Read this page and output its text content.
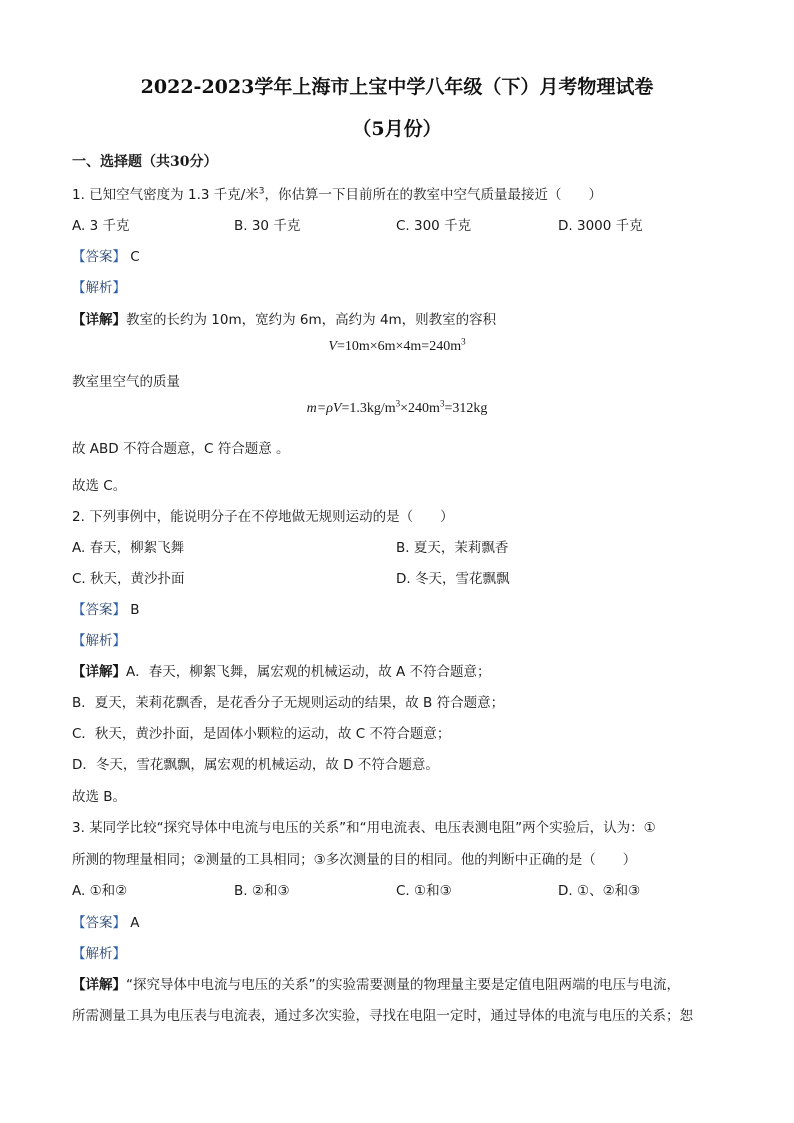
2022-2023学年上海市上宝中学八年级（下）月考物理试卷
（5月份）
一、选择题（共30分）
1. 已知空气密度为 1.3 千克/米$^3$，你估算一下目前所在的教室中空气质量最接近（　　）
A. 3 千克	B. 30 千克	C. 300 千克	D. 3000 千克
【答案】 C
【解析】
【详解】教室的长约为 10m，宽约为 6m，高约为 4m，则教室的容积
$V=10m\times 6m\times 4m=240m^3$
教室里空气的质量
$m=\rho V=1.3kg/m^3\times 240m^3=312kg$
故 ABD 不符合题意，C 符合题意 。
故选 C。
2. 下列事例中，能说明分子在不停地做无规则运动的是（　　）
A. 春天，柳絮飞舞	B. 夏天，茉莉飘香
C. 秋天，黄沙扑面	D. 冬天，雪花飘飘
【答案】 B
【解析】
【详解】A．春天，柳絮飞舞，属宏观的机械运动，故 A 不符合题意；
B．夏天，茉莉花飘香，是花香分子无规则运动的结果，故 B 符合题意；
C．秋天，黄沙扑面，是固体小颗粒的运动，故 C 不符合题意；
D．冬天，雪花飘飘，属宏观的机械运动，故 D 不符合题意。
故选 B。
3. 某同学比较“探究导体中电流与电压的关系”和“用电流表、电压表测电阻”两个实验后，认为：①
所测的物理量相同；②测量的工具相同；③多次测量的目的相同。他的判断中正确的是（　　）
A. ①和②	B. ②和③	C. ①和③	D. ①、②和③
【答案】 A
【解析】
【详解】“探究导体中电流与电压的关系”的实验需要测量的物理量主要是定值电阻两端的电压与电流，
所需测量工具为电压表与电流表，通过多次实验，寻找在电阻一定时，通过导体的电流与电压的关系；恕
